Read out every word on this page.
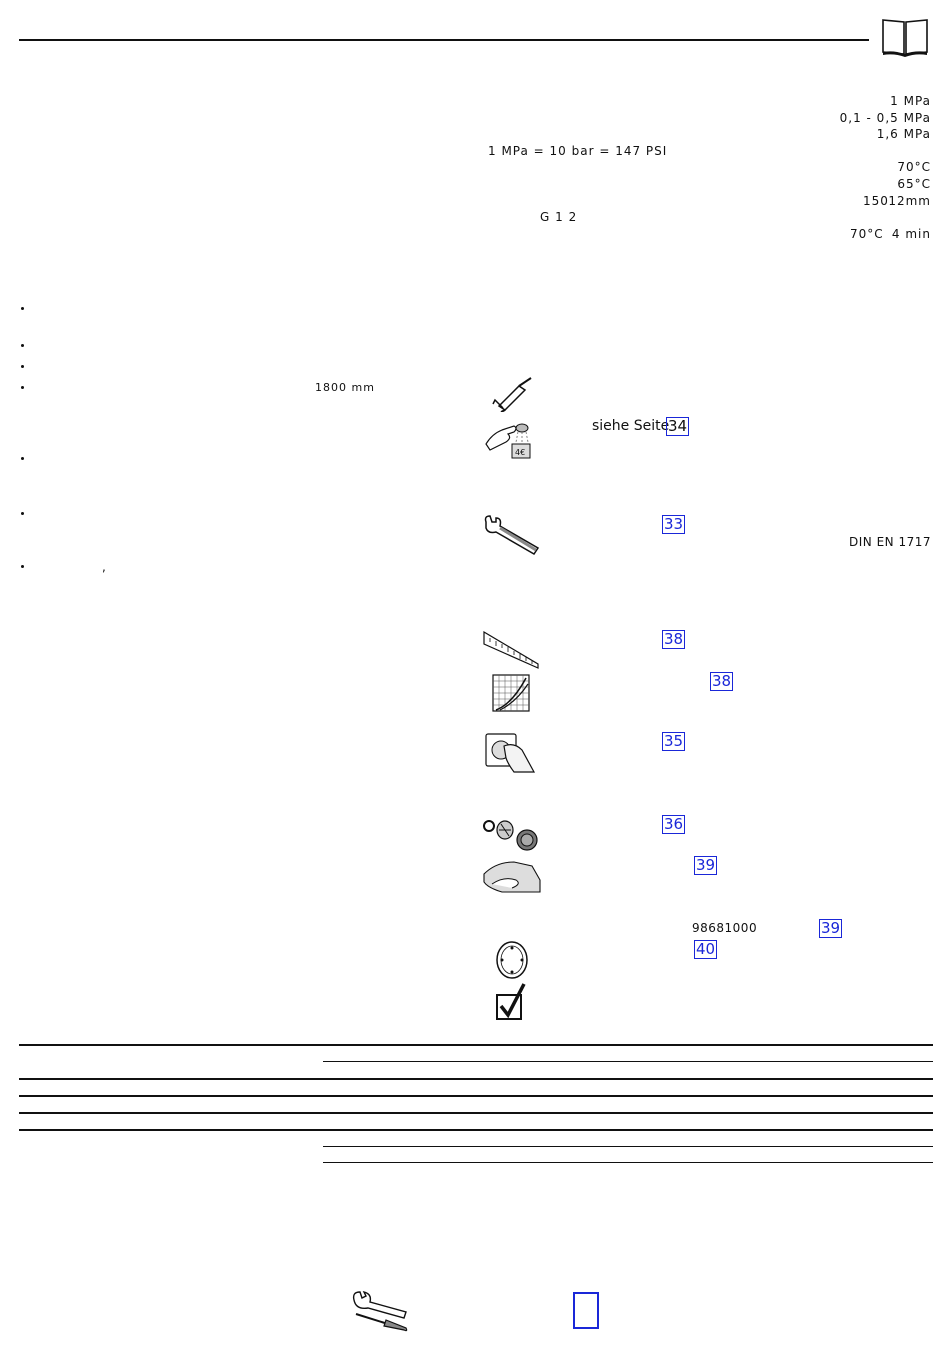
1 MPa
0,1 - 0,5 MPa
1,6 MPa
1 MPa = 10 bar = 147 PSI
70°C
65°C
12mm
150
G 1 2
4 min
70°C
1800 mm
,
4€
siehe Seite
34
33
DIN EN 1717
38
38
35
36
39
98681000	39
40
